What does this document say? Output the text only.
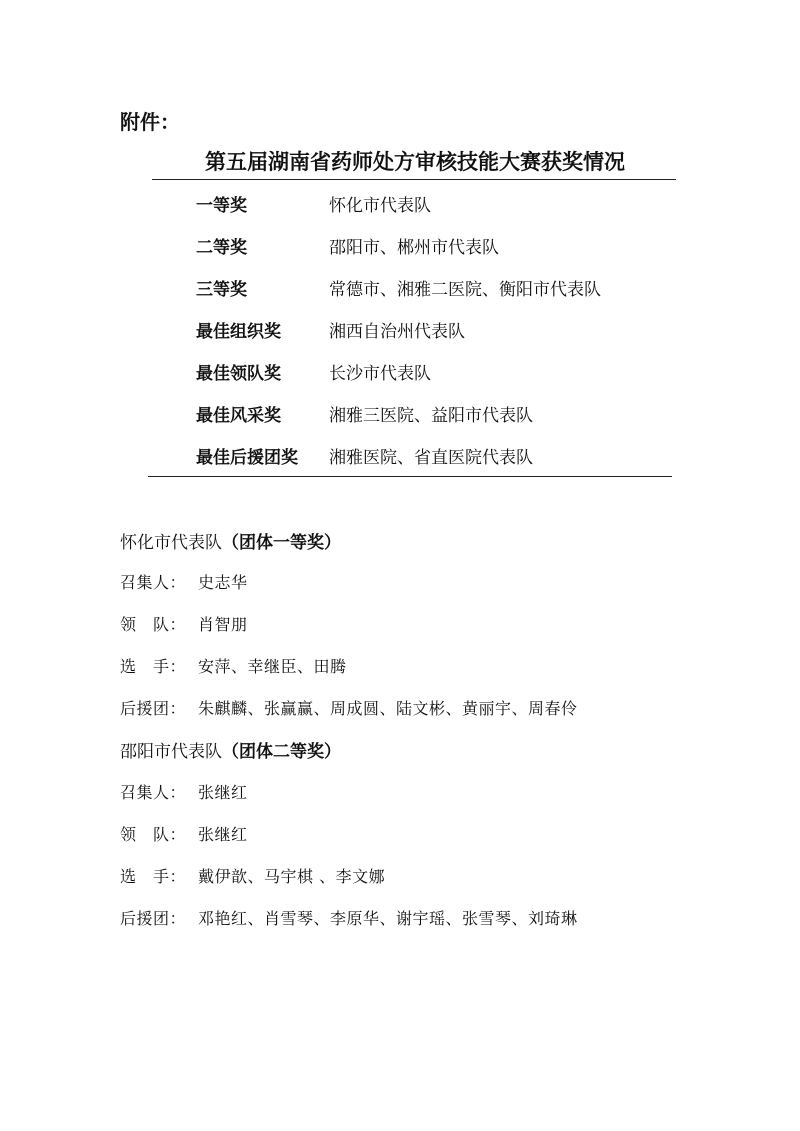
附件：
第五届湖南省药师处方审核技能大赛获奖情况
一等奖	怀化市代表队
二等奖	邵阳市、郴州市代表队
三等奖	常德市、湘雅二医院、衡阳市代表队
最佳组织奖	湘西自治州代表队
最佳领队奖	长沙市代表队
最佳风采奖	湘雅三医院、益阳市代表队
最佳后援团奖	湘雅医院、省直医院代表队
怀化市代表队（团体一等奖）
召集人： 史志华
领　队： 肖智朋
选　手： 安萍、幸继臣、田腾
后援团： 朱麒麟、张赢赢、周成圆、陆文彬、黄丽宇、周春伶
邵阳市代表队（团体二等奖）
召集人： 张继红
领　队： 张继红
选　手： 戴伊歆、马宇棋 、李文娜
后援团： 邓艳红、肖雪琴、李原华、谢宇瑶、张雪琴、刘琦琳
